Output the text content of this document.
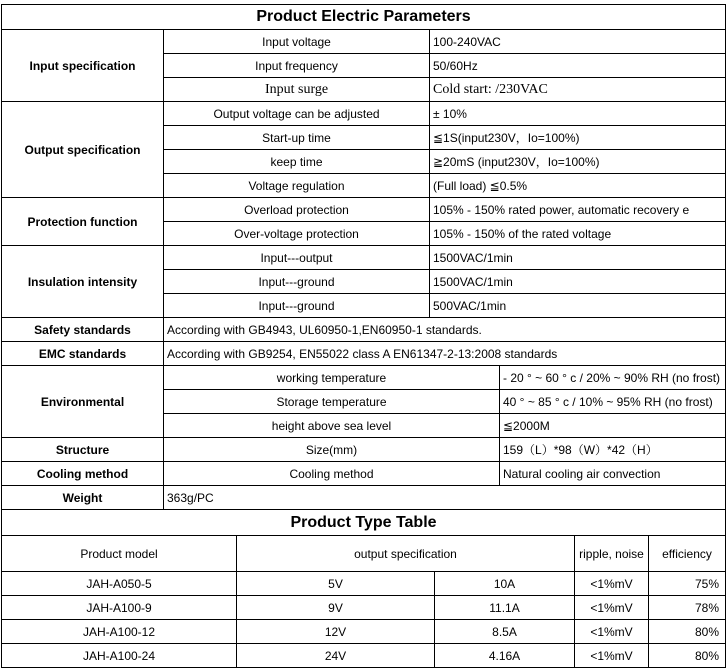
Product Electric Parameters			
Input specification	Input voltage	100-240VAC	
	Input frequency	50/60Hz	
	Input surge	Cold start: /230VAC	
Output specification	Output voltage can be adjusted	± 10%	
	Start-up time	≦1S(input230V，Io=100%)	
	keep time	≧20mS (input230V，Io=100%)	
	Voltage regulation	(Full load) ≦0.5%	
Protection function	Overload protection	105% - 150% rated power, automatic recovery e	
	Over-voltage protection	105% - 150% of the rated voltage	
Insulation intensity	Input---output	1500VAC/1min	
	Input---ground	1500VAC/1min	
	Input---ground	500VAC/1min	
Safety standards	According with GB4943, UL60950-1,EN60950-1 standards.		
EMC standards	According with GB9254, EN55022 class A EN61347-2-13:2008 standards		
Environmental	working temperature		- 20 ° ~ 60 ° c / 20% ~ 90% RH (no frost)
	Storage temperature		40 ° ~ 85 ° c / 10% ~ 95% RH (no frost)
	height above sea level		≦2000M
Structure	Size(mm)		159（L）*98（W）*42（H）
Cooling method	Cooling method		Natural cooling air convection
Weight	363g/PC		
Product Type Table				
Product model	output specification		ripple, noise	efficiency
JAH-A050-5	5V	10A	<1%mV	75%
JAH-A100-9	9V	11.1A	<1%mV	78%
JAH-A100-12	12V	8.5A	<1%mV	80%
JAH-A100-24	24V	4.16A	<1%mV	80%
